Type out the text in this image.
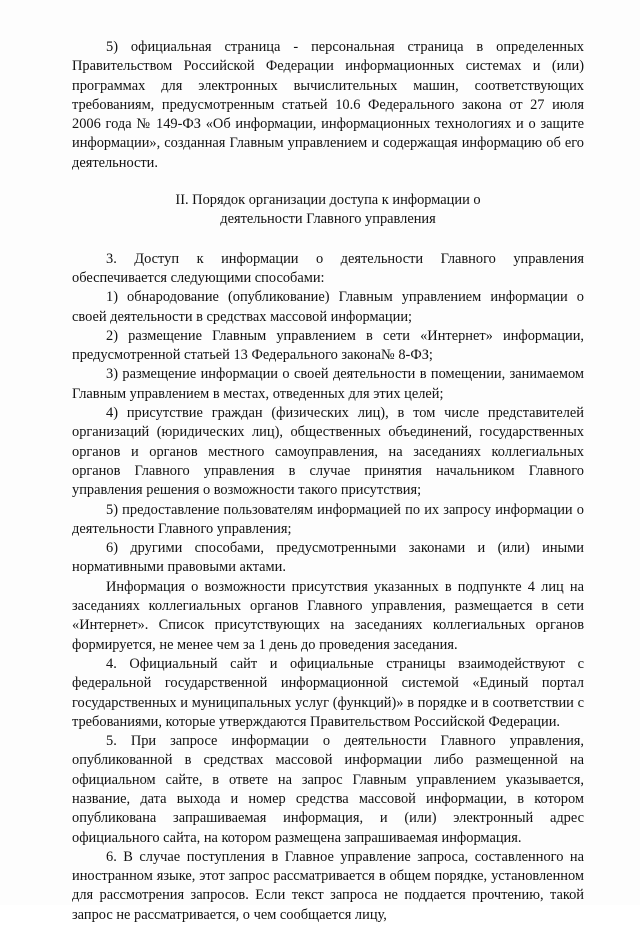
5) официальная страница - персональная страница в определенных Правительством Российской Федерации информационных системах и (или) программах для электронных вычислительных машин, соответствующих требованиям, предусмотренным статьей 10.6 Федерального закона от 27 июля 2006 года № 149-ФЗ «Об информации, информационных технологиях и о защите информации», созданная Главным управлением и содержащая информацию об его деятельности.

II. Порядок организации доступа к информации о
деятельности Главного управления

3. Доступ к информации о деятельности Главного управления обеспечивается следующими способами:

1) обнародование (опубликование) Главным управлением информации о своей деятельности в средствах массовой информации;

2) размещение Главным управлением в сети «Интернет» информации, предусмотренной статьей 13 Федерального закона№ 8-ФЗ;

3) размещение информации о своей деятельности в помещении, занимаемом Главным управлением в местах, отведенных для этих целей;

4) присутствие граждан (физических лиц), в том числе представителей организаций (юридических лиц), общественных объединений, государственных органов и органов местного самоуправления, на заседаниях коллегиальных органов Главного управления в случае принятия начальником Главного управления решения о возможности такого присутствия;

5) предоставление пользователям информацией по их запросу информации о деятельности Главного управления;

6) другими способами, предусмотренными законами и (или) иными нормативными правовыми актами.

Информация о возможности присутствия указанных в подпункте 4 лиц на заседаниях коллегиальных органов Главного управления, размещается в сети «Интернет». Список присутствующих на заседаниях коллегиальных органов формируется, не менее чем за 1 день до проведения заседания.

4. Официальный сайт и официальные страницы взаимодействуют с федеральной государственной информационной системой «Единый портал государственных и муниципальных услуг (функций)» в порядке и в соответствии с требованиями, которые утверждаются Правительством Российской Федерации.

5. При запросе информации о деятельности Главного управления, опубликованной в средствах массовой информации либо размещенной на официальном сайте, в ответе на запрос Главным управлением указывается, название, дата выхода и номер средства массовой информации, в котором опубликована запрашиваемая информация, и (или) электронный адрес официального сайта, на котором размещена запрашиваемая информация.

6. В случае поступления в Главное управление запроса, составленного на иностранном языке, этот запрос рассматривается в общем порядке, установленном для рассмотрения запросов. Если текст запроса не поддается прочтению, такой запрос не рассматривается, о чем сообщается лицу,
